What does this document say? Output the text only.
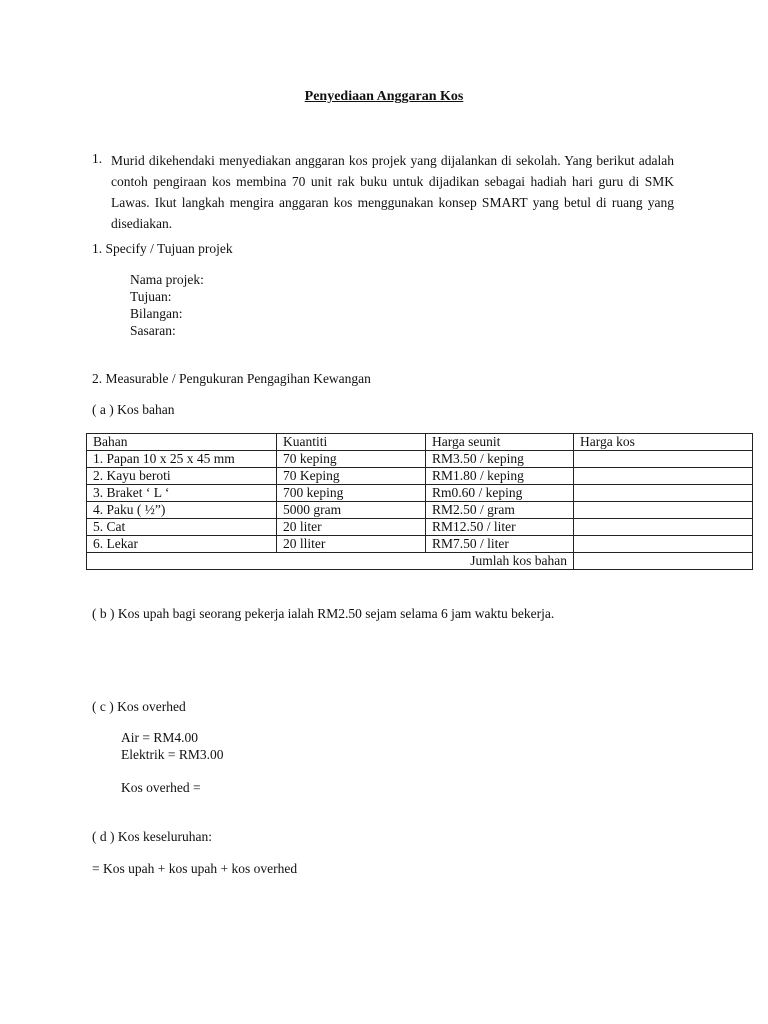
Penyediaan Anggaran Kos
1. Murid dikehendaki menyediakan anggaran kos projek yang dijalankan di sekolah. Yang berikut adalah contoh pengiraan kos membina 70 unit rak buku untuk dijadikan sebagai hadiah hari guru di SMK Lawas. Ikut langkah mengira anggaran kos menggunakan konsep SMART yang betul di ruang yang disediakan.
1. Specify / Tujuan projek
Nama projek:
Tujuan:
Bilangan:
Sasaran:
2. Measurable / Pengukuran Pengagihan Kewangan
( a ) Kos bahan
Bahan	Kuantiti	Harga seunit	Harga kos
1. Papan 10 x 25 x 45 mm	70 keping	RM3.50 / keping	
2. Kayu beroti	70 Keping	RM1.80 / keping	
3. Braket ‘ L ‘	700 keping	Rm0.60 / keping	
4. Paku ( ½”)	5000 gram	RM2.50 / gram	
5. Cat	20 liter	RM12.50 / liter	
6. Lekar	20 lliter	RM7.50 / liter	
Jumlah kos bahan			
( b ) Kos upah bagi seorang pekerja ialah RM2.50 sejam selama 6 jam waktu bekerja.
( c ) Kos overhed
Air = RM4.00
Elektrik = RM3.00
Kos overhed =
( d ) Kos keseluruhan:
= Kos upah + kos upah + kos overhed
